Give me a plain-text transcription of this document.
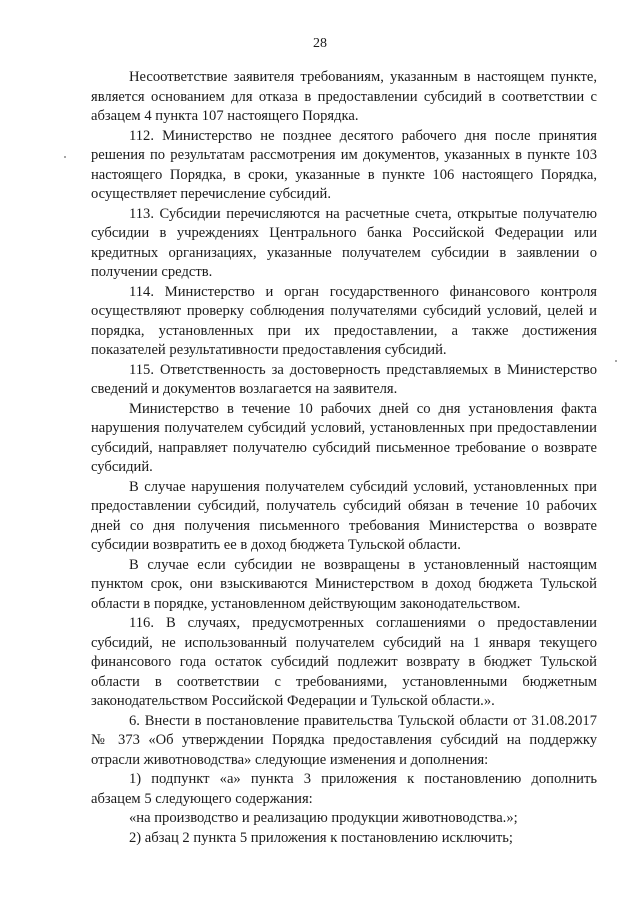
28

Несоответствие заявителя требованиям, указанным в настоящем пункте, является основанием для отказа в предоставлении субсидий в соответствии с абзацем 4 пункта 107 настоящего Порядка.

112. Министерство не позднее десятого рабочего дня после принятия решения по результатам рассмотрения им документов, указанных в пункте 103 настоящего Порядка, в сроки, указанные в пункте 106 настоящего Порядка, осуществляет перечисление субсидий.

113. Субсидии перечисляются на расчетные счета, открытые получателю субсидии в учреждениях Центрального банка Российской Федерации или кредитных организациях, указанные получателем субсидии в заявлении о получении средств.

114. Министерство и орган государственного финансового контроля осуществляют проверку соблюдения получателями субсидий условий, целей и порядка, установленных при их предоставлении, а также достижения показателей результативности предоставления субсидий.

115. Ответственность за достоверность представляемых в Министерство сведений и документов возлагается на заявителя.

Министерство в течение 10 рабочих дней со дня установления факта нарушения получателем субсидий условий, установленных при предоставлении субсидий, направляет получателю субсидий письменное требование о возврате субсидий.

В случае нарушения получателем субсидий условий, установленных при предоставлении субсидий, получатель субсидий обязан в течение 10 рабочих дней со дня получения письменного требования Министерства о возврате субсидии возвратить ее в доход бюджета Тульской области.

В случае если субсидии не возвращены в установленный настоящим пунктом срок, они взыскиваются Министерством в доход бюджета Тульской области в порядке, установленном действующим законодательством.

116. В случаях, предусмотренных соглашениями о предоставлении субсидий, не использованный получателем субсидий на 1 января текущего финансового года остаток субсидий подлежит возврату в бюджет Тульской области в соответствии с требованиями, установленными бюджетным законодательством Российской Федерации и Тульской области.».

6. Внести в постановление правительства Тульской области от 31.08.2017 № 373 «Об утверждении Порядка предоставления субсидий на поддержку отрасли животноводства» следующие изменения и дополнения:

1) подпункт «а» пункта 3 приложения к постановлению дополнить абзацем 5 следующего содержания:

«на производство и реализацию продукции животноводства.»;

2) абзац 2 пункта 5 приложения к постановлению исключить;
